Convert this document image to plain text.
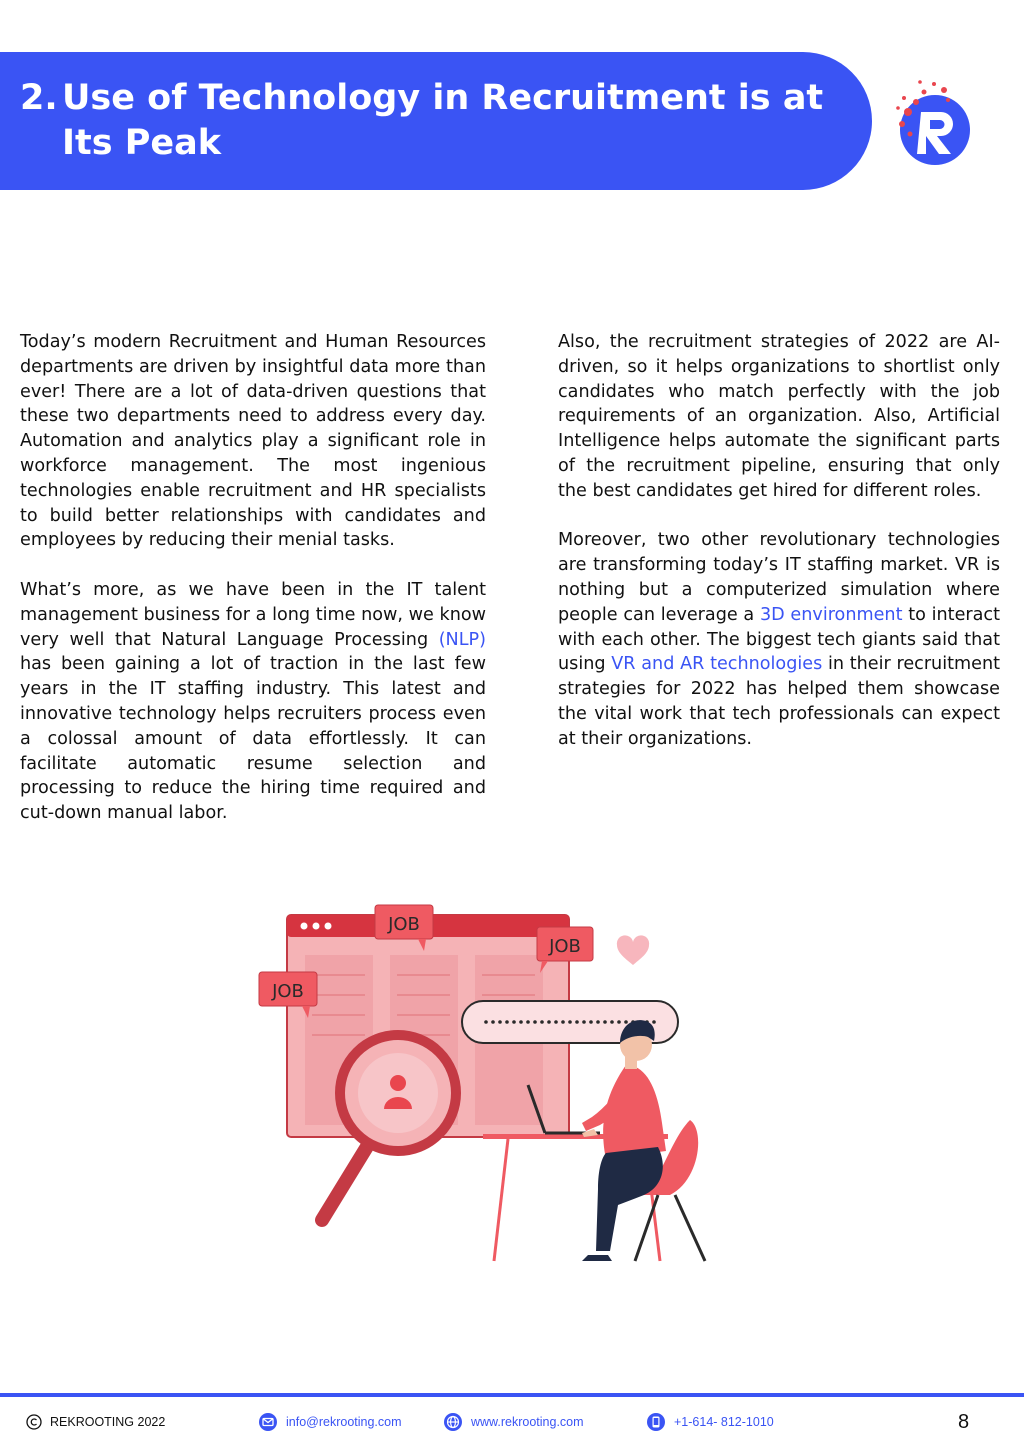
2. Use of Technology in Recruitment is at
Its Peak

Today’s modern Recruitment and Human Resources departments are driven by insightful data more than ever! There are a lot of data-driven questions that these two departments need to address every day. Automation and analytics play a significant role in workforce management. The most ingenious technologies enable recruitment and HR specialists to build better relationships with candidates and employees by reducing their menial tasks.

What’s more, as we have been in the IT talent management business for a long time now, we know very well that Natural Language Processing (NLP) has been gaining a lot of traction in the last few years in the IT staffing industry. This latest and innovative technology helps recruiters process even a colossal amount of data effortlessly. It can facilitate automatic resume selection and processing to reduce the hiring time required and cut-down manual labor.

Also, the recruitment strategies of 2022 are AI-driven, so it helps organizations to shortlist only candidates who match perfectly with the job requirements of an organization. Also, Artificial Intelligence helps automate the significant parts of the recruitment pipeline, ensuring that only the best candidates get hired for different roles.

Moreover, two other revolutionary technologies are transforming today’s IT staffing market. VR is nothing but a computerized simulation where people can leverage a 3D environment to interact with each other. The biggest tech giants said that using VR and AR technologies in their recruitment strategies for 2022 has helped them showcase the vital work that tech professionals can expect at their organizations.

JOB
JOB
JOB
REKROOTING 2022	info@rekrooting.com	www.rekrooting.com	+1-614- 812-1010	8
